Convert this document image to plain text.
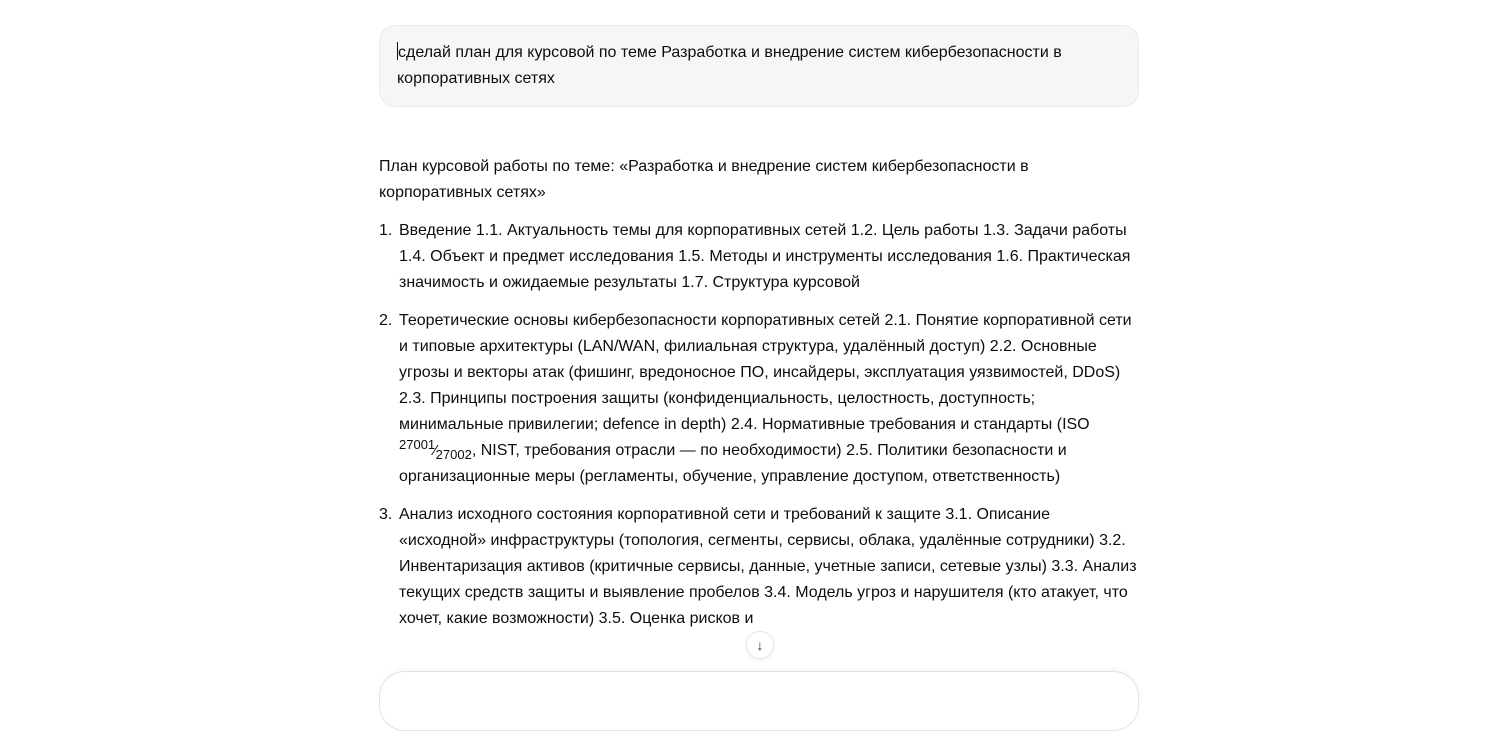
сделай план для курсовой по теме Разработка и внедрение систем кибербезопасности в корпоративных сетях

План курсовой работы по теме: «Разработка и внедрение систем кибербезопасности в корпоративных сетях»

1. Введение 1.1. Актуальность темы для корпоративных сетей 1.2. Цель работы 1.3. Задачи работы 1.4. Объект и предмет исследования 1.5. Методы и инструменты исследования 1.6. Практическая значимость и ожидаемые результаты 1.7. Структура курсовой
2. Теоретические основы кибербезопасности корпоративных сетей 2.1. Понятие корпоративной сети и типовые архитектуры (LAN/WAN, филиальная структура, удалённый доступ) 2.2. Основные угрозы и векторы атак (фишинг, вредоносное ПО, инсайдеры, эксплуатация уязвимостей, DDoS) 2.3. Принципы построения защиты (конфиденциальность, целостность, доступность; минимальные привилегии; defence in depth) 2.4. Нормативные требования и стандарты (ISO $^{27001}⁄_{27002}$, NIST, требования отрасли — по необходимости) 2.5. Политики безопасности и организационные меры (регламенты, обучение, управление доступом, ответственность)
3. Анализ исходного состояния корпоративной сети и требований к защите 3.1. Описание «исходной» инфраструктуры (топология, сегменты, сервисы, облака, удалённые сотрудники) 3.2. Инвентаризация активов (критичные сервисы, данные, учетные записи, сетевые узлы) 3.3. Анализ текущих средств защиты и выявление пробелов 3.4. Модель угроз и нарушителя (кто атакует, что хочет, какие возможности) 3.5. Оценка рисков и
↓
